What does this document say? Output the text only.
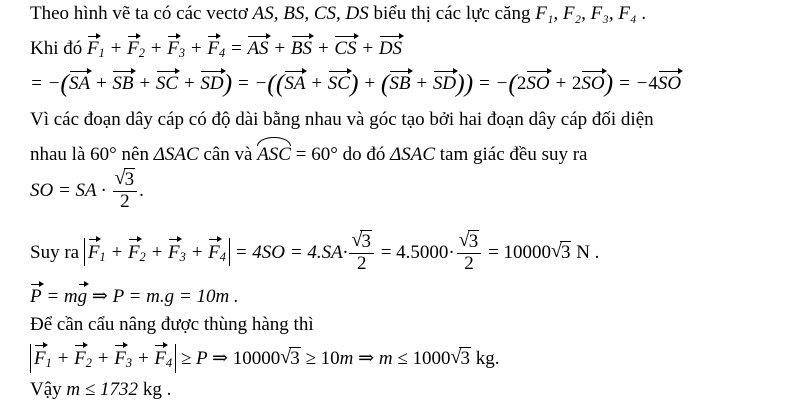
Theo hình vẽ ta có các vectơ AS, BS, CS, DS biểu thị các lực căng F₁, F₂, F₃, F₄ .
Khi đó $F_1 + F_2 + F_3 + F_4$ = AS + BS + CS + DS
= −(SA + SB + SC + SD) = −((SA + SC) + (SB + SD)) = −(2SO + 2SO) = −4SO
Vì các đoạn dây cáp có độ dài bằng nhau và góc tạo bởi hai đoạn dây cáp đối diện
nhau là 60° nên ΔSAC cân và ASC = 60° do đó ΔSAC tam giác đều suy ra
SO = SA · $\frac{√ 3}{2}$ .
Suy ra $F_1 + F_2 + F_3 + F_4 = 4SO = 4.SA\cdot \frac{√ 3}{2} = 4.5000\cdot \frac{√ 3}{2} = 10000$ √ 3 N .
P = mg ⇒ P = m.g = 10m .
Để cần cẩu nâng được thùng hàng thì
$F_1 + F_2 + F_3 + F_4 \ge P$ ⇒ 10000 √ 3 ≥ 10m ⇒ m ≤ 1000 √ 3 kg.
Vậy m ≤ 1732 kg .
